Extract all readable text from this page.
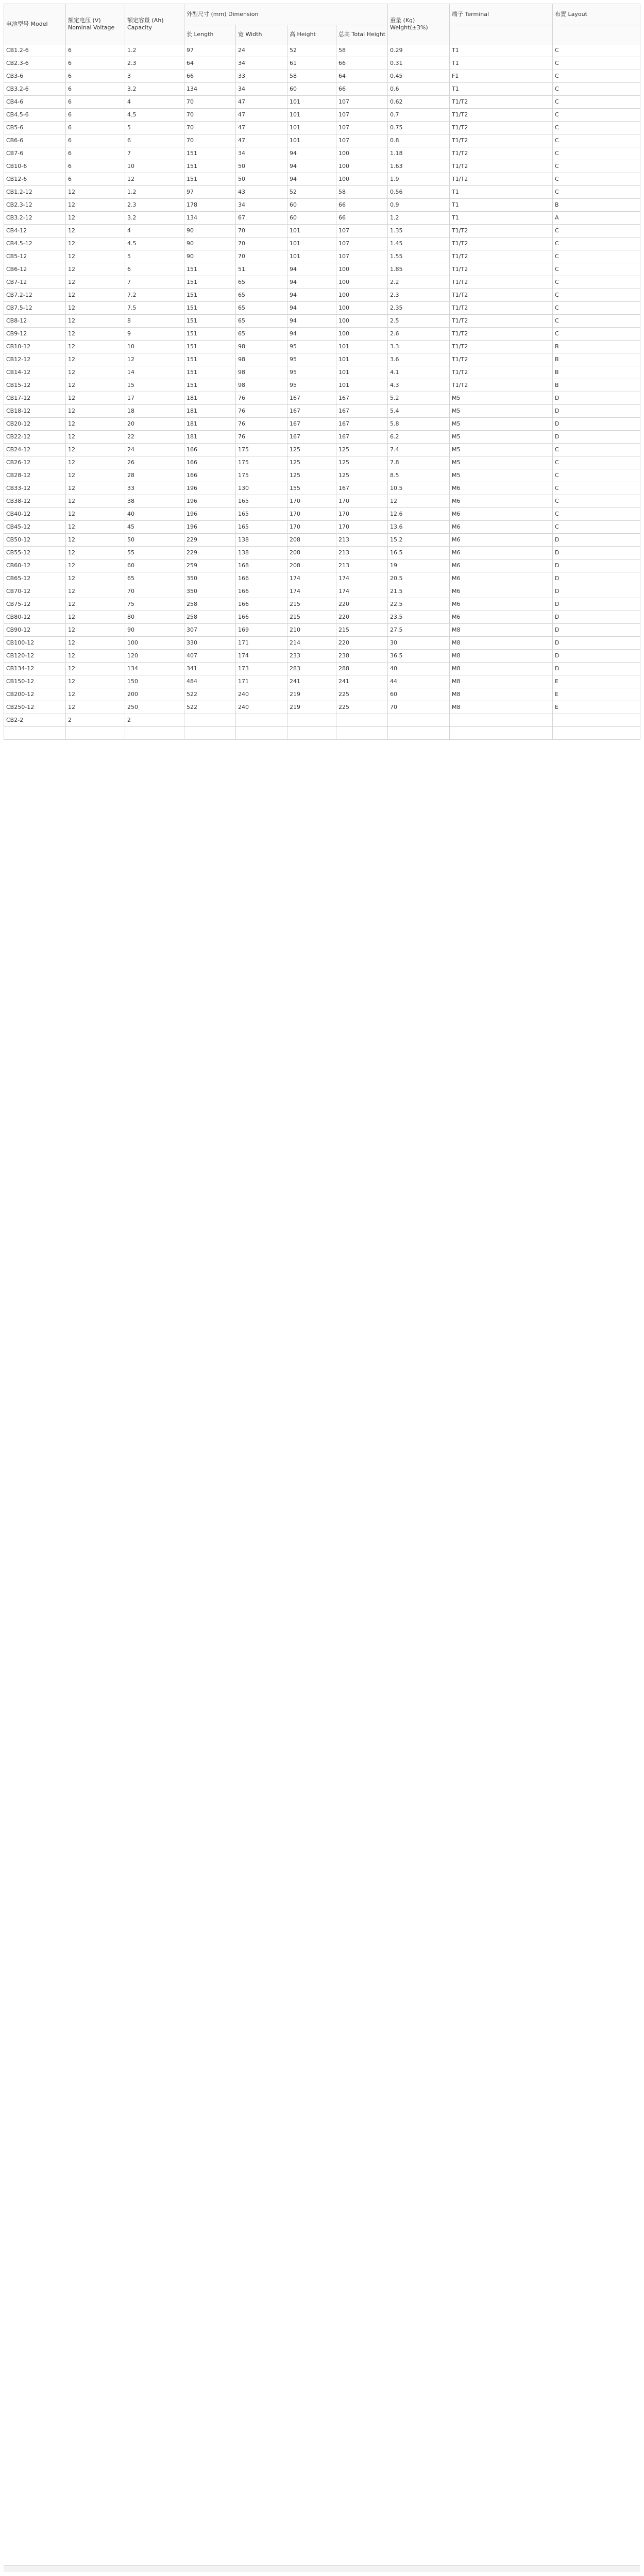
电池型号 Model	额定电压 (V) Nominal Voltage	额定容量 (Ah) Capacity	外型尺寸 (mm) Dimension				重量 (Kg) Weight(±3%)	端子 Terminal	布置 Layout
			长 Length	宽 Width	高 Height	总高 Total Height			
CB1.2-6	6	1.2	97	24	52	58	0.29	T1	C
CB2.3-6	6	2.3	64	34	61	66	0.31	T1	C
CB3-6	6	3	66	33	58	64	0.45	F1	C
CB3.2-6	6	3.2	134	34	60	66	0.6	T1	C
CB4-6	6	4	70	47	101	107	0.62	T1/T2	C
CB4.5-6	6	4.5	70	47	101	107	0.7	T1/T2	C
CB5-6	6	5	70	47	101	107	0.75	T1/T2	C
CB6-6	6	6	70	47	101	107	0.8	T1/T2	C
CB7-6	6	7	151	34	94	100	1.18	T1/T2	C
CB10-6	6	10	151	50	94	100	1.63	T1/T2	C
CB12-6	6	12	151	50	94	100	1.9	T1/T2	C
CB1.2-12	12	1.2	97	43	52	58	0.56	T1	C
CB2.3-12	12	2.3	178	34	60	66	0.9	T1	B
CB3.2-12	12	3.2	134	67	60	66	1.2	T1	A
CB4-12	12	4	90	70	101	107	1.35	T1/T2	C
CB4.5-12	12	4.5	90	70	101	107	1.45	T1/T2	C
CB5-12	12	5	90	70	101	107	1.55	T1/T2	C
CB6-12	12	6	151	51	94	100	1.85	T1/T2	C
CB7-12	12	7	151	65	94	100	2.2	T1/T2	C
CB7.2-12	12	7.2	151	65	94	100	2.3	T1/T2	C
CB7.5-12	12	7.5	151	65	94	100	2.35	T1/T2	C
CB8-12	12	8	151	65	94	100	2.5	T1/T2	C
CB9-12	12	9	151	65	94	100	2.6	T1/T2	C
CB10-12	12	10	151	98	95	101	3.3	T1/T2	B
CB12-12	12	12	151	98	95	101	3.6	T1/T2	B
CB14-12	12	14	151	98	95	101	4.1	T1/T2	B
CB15-12	12	15	151	98	95	101	4.3	T1/T2	B
CB17-12	12	17	181	76	167	167	5.2	M5	D
CB18-12	12	18	181	76	167	167	5.4	M5	D
CB20-12	12	20	181	76	167	167	5.8	M5	D
CB22-12	12	22	181	76	167	167	6.2	M5	D
CB24-12	12	24	166	175	125	125	7.4	M5	C
CB26-12	12	26	166	175	125	125	7.8	M5	C
CB28-12	12	28	166	175	125	125	8.5	M5	C
CB33-12	12	33	196	130	155	167	10.5	M6	C
CB38-12	12	38	196	165	170	170	12	M6	C
CB40-12	12	40	196	165	170	170	12.6	M6	C
CB45-12	12	45	196	165	170	170	13.6	M6	C
CB50-12	12	50	229	138	208	213	15.2	M6	D
CB55-12	12	55	229	138	208	213	16.5	M6	D
CB60-12	12	60	259	168	208	213	19	M6	D
CB65-12	12	65	350	166	174	174	20.5	M6	D
CB70-12	12	70	350	166	174	174	21.5	M6	D
CB75-12	12	75	258	166	215	220	22.5	M6	D
CB80-12	12	80	258	166	215	220	23.5	M6	D
CB90-12	12	90	307	169	210	215	27.5	M8	D
CB100-12	12	100	330	171	214	220	30	M8	D
CB120-12	12	120	407	174	233	238	36.5	M8	D
CB134-12	12	134	341	173	283	288	40	M8	D
CB150-12	12	150	484	171	241	241	44	M8	E
CB200-12	12	200	522	240	219	225	60	M8	E
CB250-12	12	250	522	240	219	225	70	M8	E
CB2-2	2	2							
